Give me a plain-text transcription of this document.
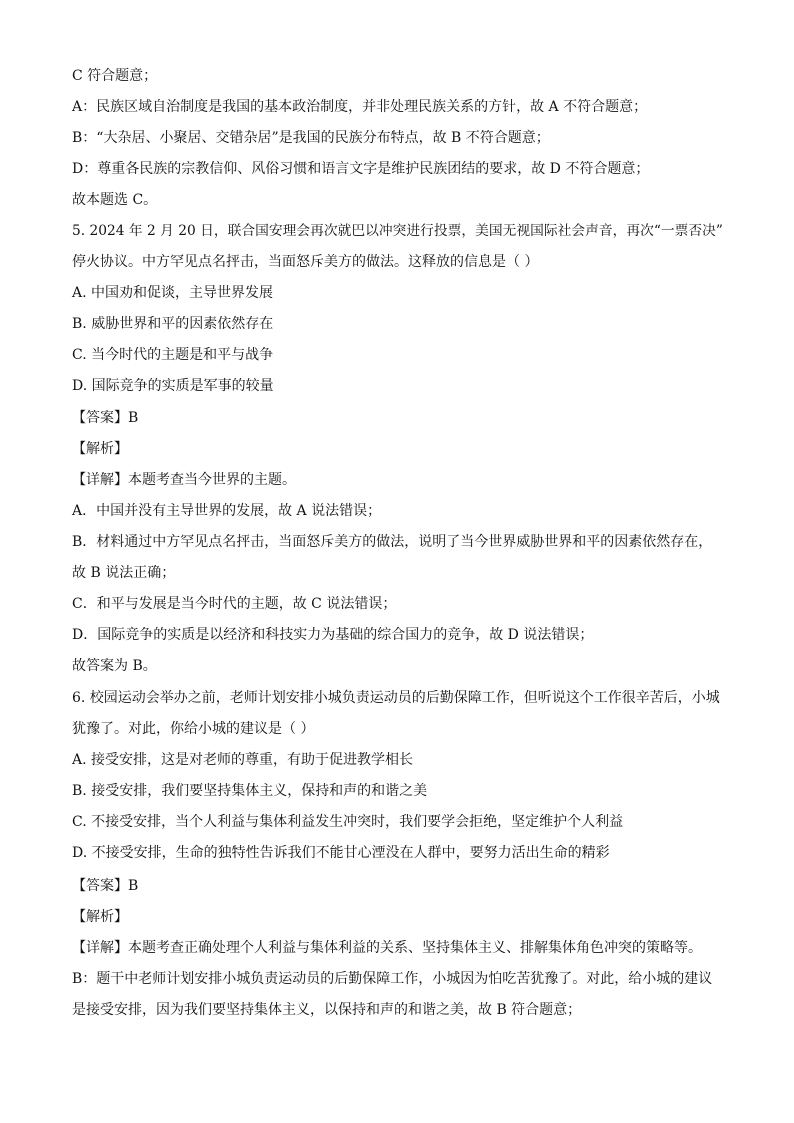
C 符合题意；
A：民族区域自治制度是我国的基本政治制度，并非处理民族关系的方针，故 A 不符合题意；
B：“大杂居、小聚居、交错杂居”是我国的民族分布特点，故 B 不符合题意；
D：尊重各民族的宗教信仰、风俗习惯和语言文字是维护民族团结的要求，故 D 不符合题意；
故本题选 C。
5. 2024 年 2 月 20 日，联合国安理会再次就巴以冲突进行投票，美国无视国际社会声音，再次“一票否决”
停火协议。中方罕见点名抨击，当面怒斥美方的做法。这释放的信息是（ ）
A. 中国劝和促谈，主导世界发展
B. 威胁世界和平的因素依然存在
C. 当今时代的主题是和平与战争
D. 国际竞争的实质是军事的较量
【答案】B
【解析】
【详解】本题考查当今世界的主题。
A．中国并没有主导世界的发展，故 A 说法错误；
B．材料通过中方罕见点名抨击，当面怒斥美方的做法，说明了当今世界威胁世界和平的因素依然存在，
故 B 说法正确；
C．和平与发展是当今时代的主题，故 C 说法错误；
D．国际竞争的实质是以经济和科技实力为基础的综合国力的竞争，故 D 说法错误；
故答案为 B。
6. 校园运动会举办之前，老师计划安排小城负责运动员的后勤保障工作，但听说这个工作很辛苦后，小城
犹豫了。对此，你给小城的建议是（ ）
A. 接受安排，这是对老师的尊重，有助于促进教学相长
B. 接受安排，我们要坚持集体主义，保持和声的和谐之美
C. 不接受安排，当个人利益与集体利益发生冲突时，我们要学会拒绝，坚定维护个人利益
D. 不接受安排，生命的独特性告诉我们不能甘心湮没在人群中，要努力活出生命的精彩
【答案】B
【解析】
【详解】本题考查正确处理个人利益与集体利益的关系、坚持集体主义、排解集体角色冲突的策略等。
B：题干中老师计划安排小城负责运动员的后勤保障工作，小城因为怕吃苦犹豫了。对此，给小城的建议
是接受安排，因为我们要坚持集体主义，以保持和声的和谐之美，故 B 符合题意；
